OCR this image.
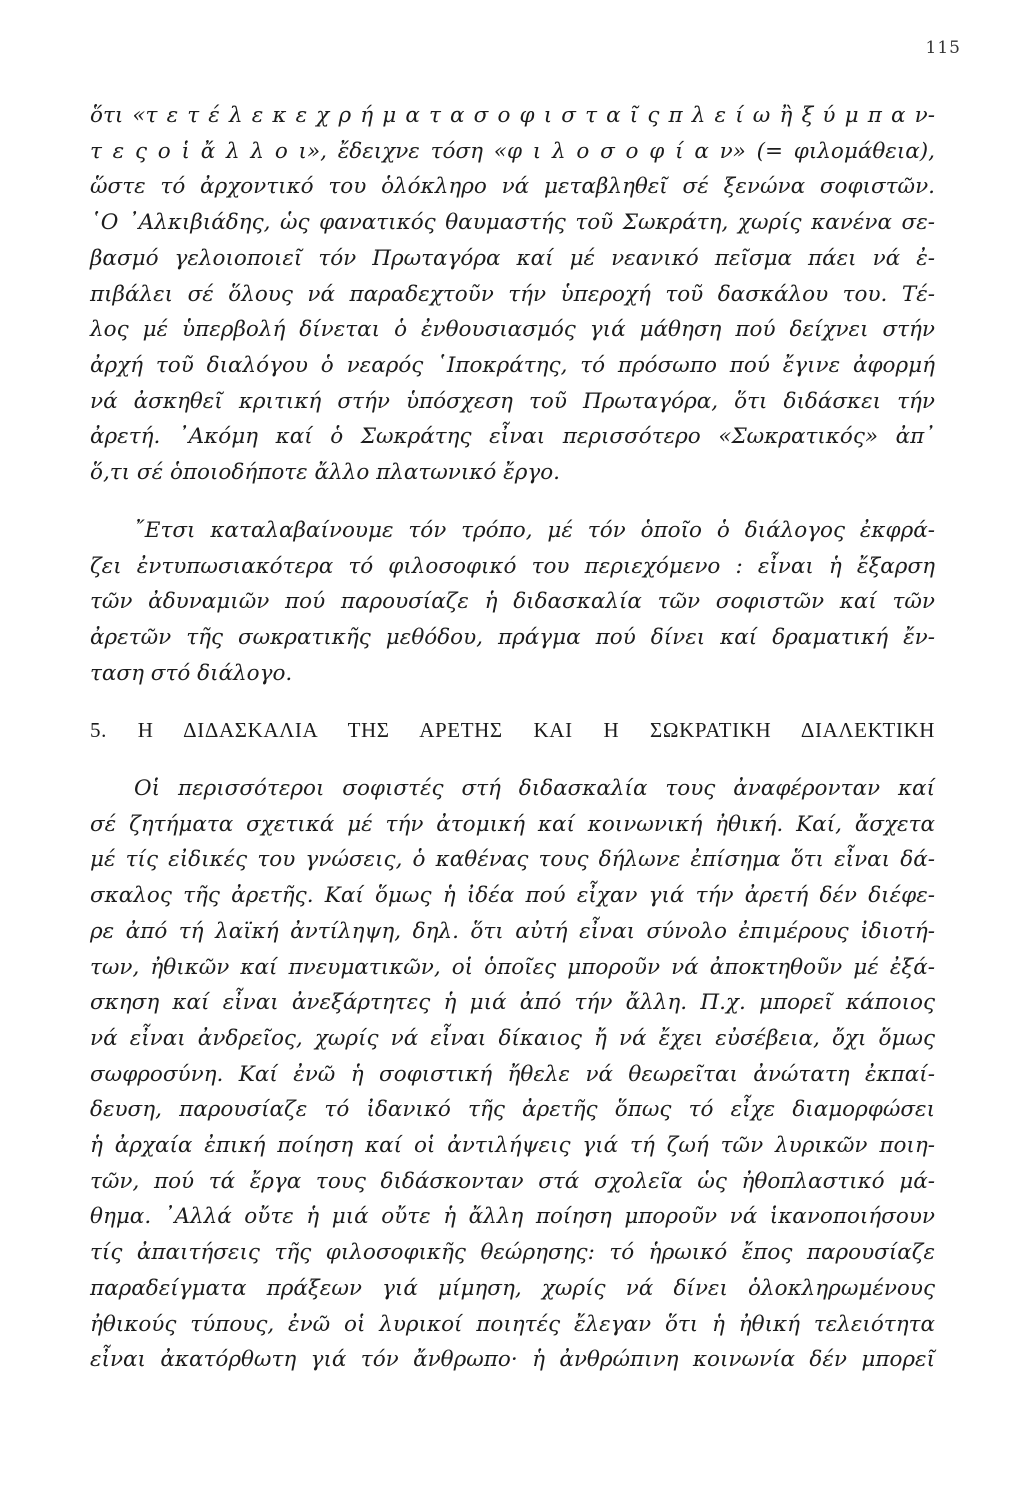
115
ὅτι «τ ε τ έ λ ε κ ε χ ρ ή μ α τ α σ ο φ ι σ τ α ῖ ς π λ ε ί ω ἢ ξ ύ μ π α ν-
τ ε ς ο ἱ ἄ λ λ ο ι», ἔδειχνε τόση «φ ι λ ο σ ο φ ί α ν» (= φιλομάθεια),
ὥστε τό ἀρχοντικό του ὁλόκληρο νά μεταβληθεῖ σέ ξενώνα σοφιστῶν.
῾Ο ᾿Αλκιβιάδης, ὡς φανατικός θαυμαστής τοῦ Σωκράτη, χωρίς κανένα σε-
βασμό γελοιοποιεῖ τόν Πρωταγόρα καί μέ νεανικό πεῖσμα πάει νά ἐ-
πιβάλει σέ ὅλους νά παραδεχτοῦν τήν ὑπεροχή τοῦ δασκάλου του. Τέ-
λος μέ ὑπερβολή δίνεται ὁ ἐνθουσιασμός γιά μάθηση πού δείχνει στήν
ἀρχή τοῦ διαλόγου ὁ νεαρός ῾Ιποκράτης, τό πρόσωπο πού ἔγινε ἀφορμή
νά ἀσκηθεῖ κριτική στήν ὑπόσχεση τοῦ Πρωταγόρα, ὅτι διδάσκει τήν
ἀρετή. ᾿Ακόμη καί ὁ Σωκράτης εἶναι περισσότερο «Σωκρατικός» ἀπ᾿
ὅ,τι σέ ὁποιοδήποτε ἄλλο πλατωνικό ἔργο.
῎Ετσι καταλαβαίνουμε τόν τρόπο, μέ τόν ὁποῖο ὁ διάλογος ἐκφρά-
ζει ἐντυπωσιακότερα τό φιλοσοφικό του περιεχόμενο : εἶναι ἡ ἔξαρση
τῶν ἀδυναμιῶν πού παρουσίαζε ἡ διδασκαλία τῶν σοφιστῶν καί τῶν
ἀρετῶν τῆς σωκρατικῆς μεθόδου, πράγμα πού δίνει καί δραματική ἔν-
ταση στό διάλογο.
5. Η ΔΙΔΑΣΚΑΛΙΑ ΤΗΣ ΑΡΕΤΗΣ ΚΑΙ Η ΣΩΚΡΑΤΙΚΗ ΔΙΑΛΕΚΤΙΚΗ
Οἱ περισσότεροι σοφιστές στή διδασκαλία τους ἀναφέρονταν καί
σέ ζητήματα σχετικά μέ τήν ἀτομική καί κοινωνική ἠθική. Καί, ἄσχετα
μέ τίς εἰδικές του γνώσεις, ὁ καθένας τους δήλωνε ἐπίσημα ὅτι εἶναι δά-
σκαλος τῆς ἀρετῆς. Καί ὅμως ἡ ἰδέα πού εἶχαν γιά τήν ἀρετή δέν διέφε-
ρε ἀπό τή λαϊκή ἀντίληψη, δηλ. ὅτι αὐτή εἶναι σύνολο ἐπιμέρους ἰδιοτή-
των, ἠθικῶν καί πνευματικῶν, οἱ ὁποῖες μποροῦν νά ἀποκτηθοῦν μέ ἐξά-
σκηση καί εἶναι ἀνεξάρτητες ἡ μιά ἀπό τήν ἄλλη. Π.χ. μπορεῖ κάποιος
νά εἶναι ἀνδρεῖος, χωρίς νά εἶναι δίκαιος ἤ νά ἔχει εὐσέβεια, ὄχι ὅμως
σωφροσύνη. Καί ἐνῶ ἡ σοφιστική ἤθελε νά θεωρεῖται ἀνώτατη ἐκπαί-
δευση, παρουσίαζε τό ἰδανικό τῆς ἀρετῆς ὅπως τό εἶχε διαμορφώσει
ἡ ἀρχαία ἐπική ποίηση καί οἱ ἀντιλήψεις γιά τή ζωή τῶν λυρικῶν ποιη-
τῶν, πού τά ἔργα τους διδάσκονταν στά σχολεῖα ὡς ἠθοπλαστικό μά-
θημα. ᾿Αλλά οὔτε ἡ μιά οὔτε ἡ ἄλλη ποίηση μποροῦν νά ἱκανοποιήσουν
τίς ἀπαιτήσεις τῆς φιλοσοφικῆς θεώρησης: τό ἡρωικό ἔπος παρουσίαζε
παραδείγματα πράξεων γιά μίμηση, χωρίς νά δίνει ὁλοκληρωμένους
ἠθικούς τύπους, ἐνῶ οἱ λυρικοί ποιητές ἔλεγαν ὅτι ἡ ἠθική τελειότητα
εἶναι ἀκατόρθωτη γιά τόν ἄνθρωπο· ἡ ἀνθρώπινη κοινωνία δέν μπορεῖ
